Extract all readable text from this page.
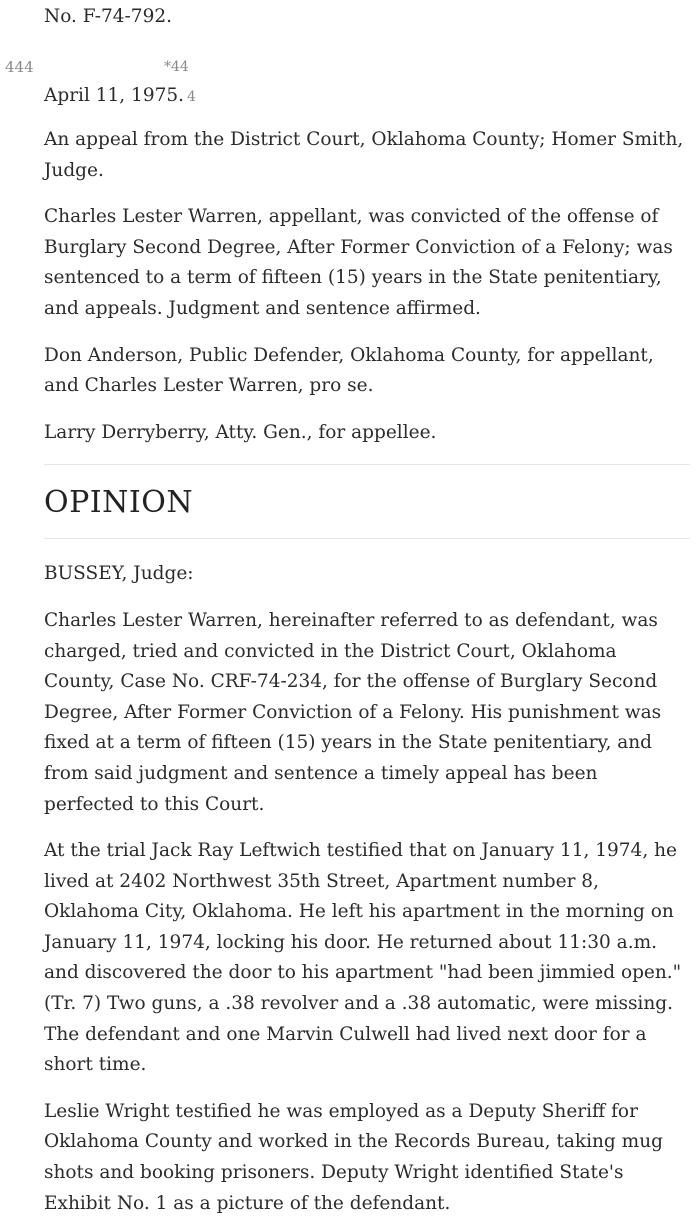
444	*44

No. F-74-792.

April 11, 1975. 4

An appeal from the District Court, Oklahoma County; Homer Smith, Judge.

Charles Lester Warren, appellant, was convicted of the offense of Burglary Second Degree, After Former Conviction of a Felony; was sentenced to a term of fifteen (15) years in the State penitentiary, and appeals. Judgment and sentence affirmed.

Don Anderson, Public Defender, Oklahoma County, for appellant, and Charles Lester Warren, pro se.

Larry Derryberry, Atty. Gen., for appellee.

OPINION

BUSSEY, Judge:

Charles Lester Warren, hereinafter referred to as defendant, was charged, tried and convicted in the District Court, Oklahoma County, Case No. CRF-74-234, for the offense of Burglary Second Degree, After Former Conviction of a Felony. His punishment was fixed at a term of fifteen (15) years in the State penitentiary, and from said judgment and sentence a timely appeal has been perfected to this Court.

At the trial Jack Ray Leftwich testified that on January 11, 1974, he lived at 2402 Northwest 35th Street, Apartment number 8, Oklahoma City, Oklahoma. He left his apartment in the morning on January 11, 1974, locking his door. He returned about 11:30 a.m. and discovered the door to his apartment "had been jimmied open." (Tr. 7) Two guns, a .38 revolver and a .38 automatic, were missing. The defendant and one Marvin Culwell had lived next door for a short time.

Leslie Wright testified he was employed as a Deputy Sheriff for Oklahoma County and worked in the Records Bureau, taking mug shots and booking prisoners. Deputy Wright identified State's Exhibit No. 1 as a picture of the defendant.
